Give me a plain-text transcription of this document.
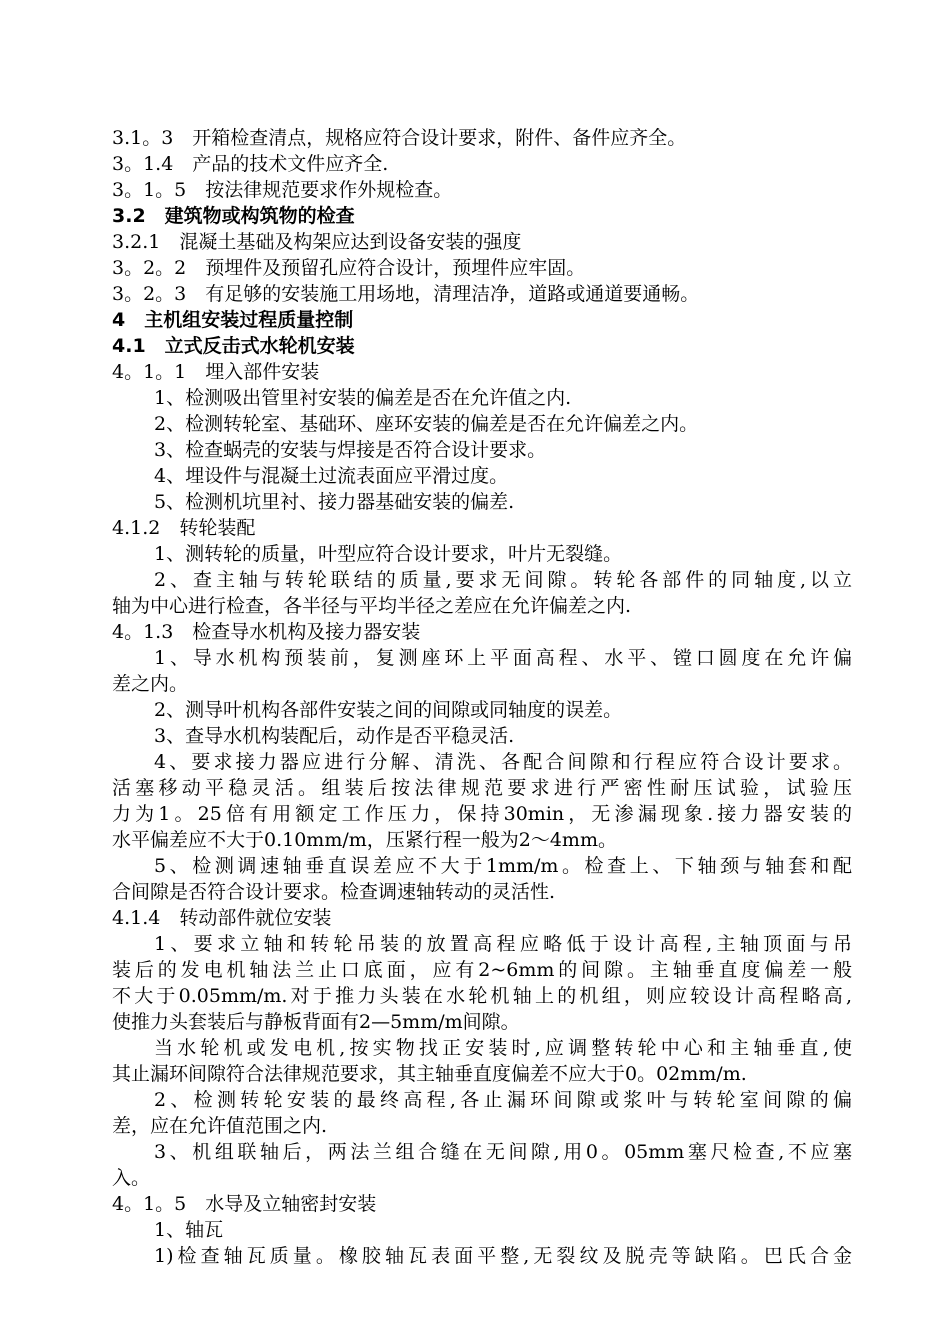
3.1。3　开箱检查清点，规格应符合设计要求，附件、备件应齐全。
3。1.4　产品的技术文件应齐全.
3。1。5　按法律规范要求作外规检查。
3.2　建筑物或构筑物的检查
3.2.1　混凝土基础及构架应达到设备安装的强度
3。2。2　预埋件及预留孔应符合设计，预埋件应牢固。
3。2。3　有足够的安装施工用场地，清理洁净，道路或通道要通畅。
4　主机组安装过程质量控制
4.1　立式反击式水轮机安装
4。1。1　埋入部件安装
1、检测吸出管里衬安装的偏差是否在允许值之内.
2、检测转轮室、基础环、座环安装的偏差是否在允许偏差之内。
3、检查蜗壳的安装与焊接是否符合设计要求。
4、埋设件与混凝土过流表面应平滑过度。
5、检测机坑里衬、接力器基础安装的偏差.
4.1.2　转轮装配
1、测转轮的质量，叶型应符合设计要求，叶片无裂缝。
2、查主轴与转轮联结的质量,要求无间隙。转轮各部件的同轴度,以立
轴为中心进行检查，各半径与平均半径之差应在允许偏差之内.
4。1.3　检查导水机构及接力器安装
1、导水机构预装前，复测座环上平面高程、水平、镗口圆度在允许偏
差之内。
2、测导叶机构各部件安装之间的间隙或同轴度的误差。
3、查导水机构装配后，动作是否平稳灵活.
4、要求接力器应进行分解、清洗、各配合间隙和行程应符合设计要求。
活塞移动平稳灵活。组装后按法律规范要求进行严密性耐压试验，试验压
力为1。25倍有用额定工作压力，保持30min，无渗漏现象.接力器安装的
水平偏差应不大于0.10mm/m，压紧行程一般为2～4mm。
5、检测调速轴垂直误差应不大于1mm/m。检查上、下轴颈与轴套和配
合间隙是否符合设计要求。检查调速轴转动的灵活性.
4.1.4　转动部件就位安装
1、要求立轴和转轮吊装的放置高程应略低于设计高程,主轴顶面与吊
装后的发电机轴法兰止口底面，应有2~6mm的间隙。主轴垂直度偏差一般
不大于0.05mm/m.对于推力头装在水轮机轴上的机组，则应较设计高程略高,
使推力头套装后与静板背面有2—5mm/m间隙。
当水轮机或发电机,按实物找正安装时,应调整转轮中心和主轴垂直,使
其止漏环间隙符合法律规范要求，其主轴垂直度偏差不应大于0。02mm/m.
2、检测转轮安装的最终高程,各止漏环间隙或浆叶与转轮室间隙的偏
差，应在允许值范围之内.
3、机组联轴后，两法兰组合缝在无间隙,用0。05mm塞尺检查,不应塞
入。
4。1。5　水导及立轴密封安装
1、轴瓦
1)检查轴瓦质量。橡胶轴瓦表面平整,无裂纹及脱壳等缺陷。巴氏合金
